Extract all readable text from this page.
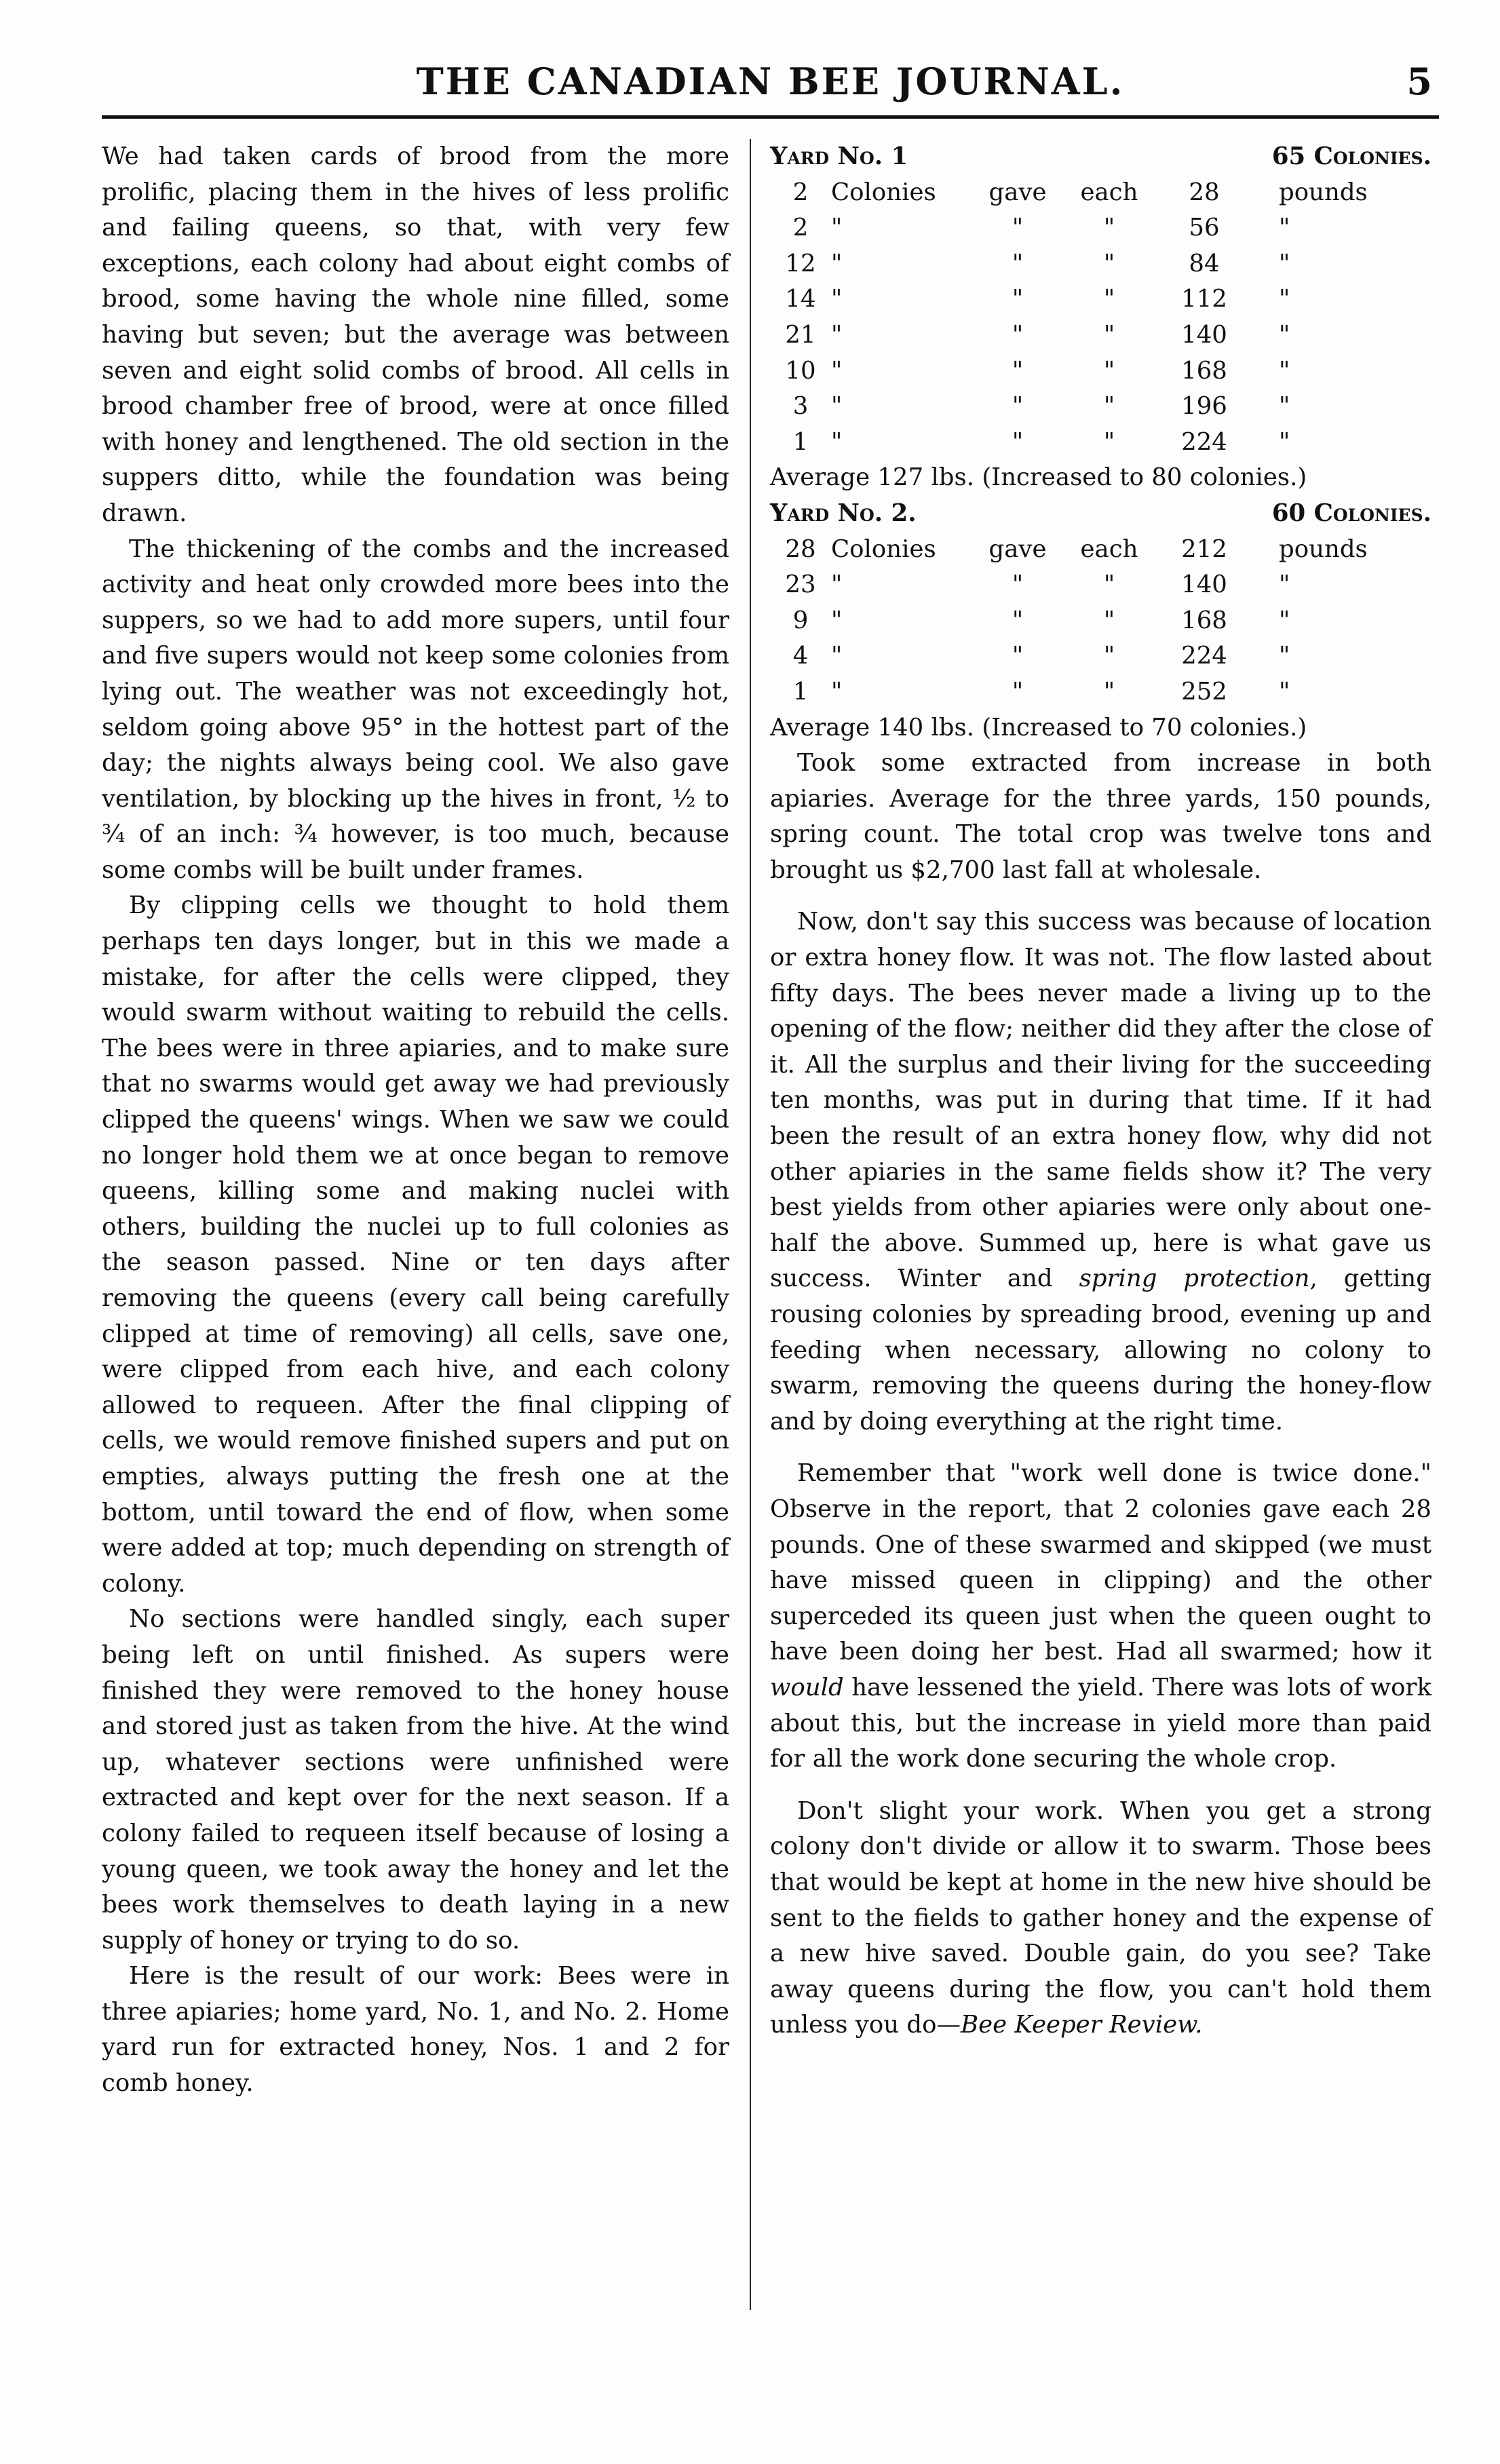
THE CANADIAN BEE JOURNAL.	5

We had taken cards of brood from the more prolific, placing them in the hives of less prolific and failing queens, so that, with very few exceptions, each colony had about eight combs of brood, some having the whole nine filled, some having but seven; but the average was between seven and eight solid combs of brood. All cells in brood chamber free of brood, were at once filled with honey and lengthened. The old section in the suppers ditto, while the foundation was being drawn.

The thickening of the combs and the increased activity and heat only crowded more bees into the suppers, so we had to add more supers, until four and five supers would not keep some colonies from lying out. The weather was not exceedingly hot, seldom going above 95° in the hottest part of the day; the nights always being cool. We also gave ventilation, by blocking up the hives in front, ½ to ¾ of an inch: ¾ however, is too much, because some combs will be built under frames.

By clipping cells we thought to hold them perhaps ten days longer, but in this we made a mistake, for after the cells were clipped, they would swarm without waiting to rebuild the cells. The bees were in three apiaries, and to make sure that no swarms would get away we had previously clipped the queens' wings. When we saw we could no longer hold them we at once began to remove queens, killing some and making nuclei with others, building the nuclei up to full colonies as the season passed. Nine or ten days after removing the queens (every call being carefully clipped at time of removing) all cells, save one, were clipped from each hive, and each colony allowed to requeen. After the final clipping of cells, we would remove finished supers and put on empties, always putting the fresh one at the bottom, until toward the end of flow, when some were added at top; much depending on strength of colony.

No sections were handled singly, each super being left on until finished. As supers were finished they were removed to the honey house and stored just as taken from the hive. At the wind up, whatever sections were unfinished were extracted and kept over for the next season. If a colony failed to requeen itself because of losing a young queen, we took away the honey and let the bees work themselves to death laying in a new supply of honey or trying to do so.

Here is the result of our work: Bees were in three apiaries; home yard, No. 1, and No. 2. Home yard run for extracted honey, Nos. 1 and 2 for comb honey.

Yard No. 1	65 Colonies.
2	Colonies	gave	each	28	pounds
2	"	"	"	56	"
12	"	"	"	84	"
14	"	"	"	112	"
21	"	"	"	140	"
10	"	"	"	168	"
3	"	"	"	196	"
1	"	"	"	224	"

Average 127 lbs. (Increased to 80 colonies.)

Yard No. 2.	60 Colonies.
28	Colonies	gave	each	212	pounds
23	"	"	"	140	"
9	"	"	"	168	"
4	"	"	"	224	"
1	"	"	"	252	"

Average 140 lbs. (Increased to 70 colonies.)

Took some extracted from increase in both apiaries. Average for the three yards, 150 pounds, spring count. The total crop was twelve tons and brought us $2,700 last fall at wholesale.

Now, don't say this success was because of location or extra honey flow. It was not. The flow lasted about fifty days. The bees never made a living up to the opening of the flow; neither did they after the close of it. All the surplus and their living for the succeeding ten months, was put in during that time. If it had been the result of an extra honey flow, why did not other apiaries in the same fields show it? The very best yields from other apiaries were only about one-half the above. Summed up, here is what gave us success. Winter and spring protection, getting rousing colonies by spreading brood, evening up and feeding when necessary, allowing no colony to swarm, removing the queens during the honey-flow and by doing everything at the right time.

Remember that "work well done is twice done." Observe in the report, that 2 colonies gave each 28 pounds. One of these swarmed and skipped (we must have missed queen in clipping) and the other superceded its queen just when the queen ought to have been doing her best. Had all swarmed; how it would have lessened the yield. There was lots of work about this, but the increase in yield more than paid for all the work done securing the whole crop.

Don't slight your work. When you get a strong colony don't divide or allow it to swarm. Those bees that would be kept at home in the new hive should be sent to the fields to gather honey and the expense of a new hive saved. Double gain, do you see? Take away queens during the flow, you can't hold them unless you do—Bee Keeper Review.
